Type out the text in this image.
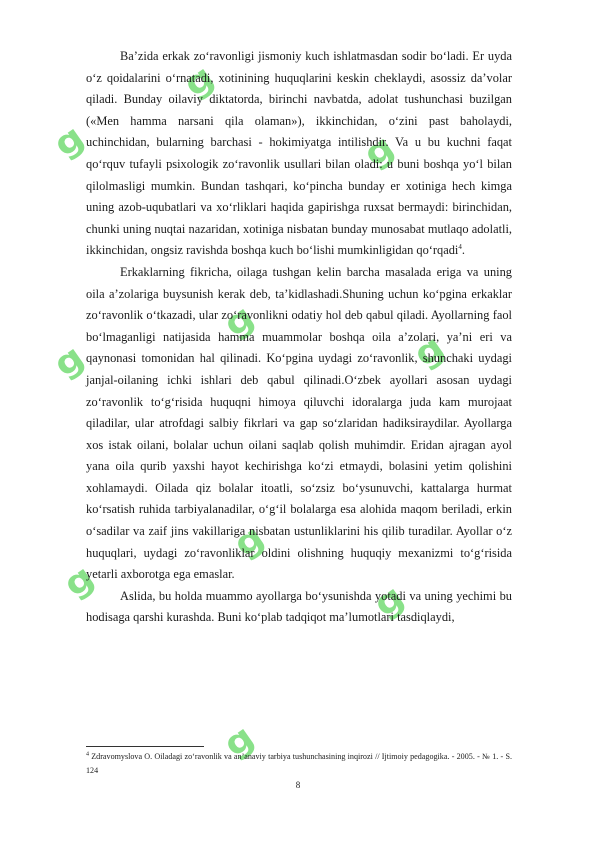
ᵍ
ᵍ
ᵍ
ᵍ
ᵍ ᵍ
ᵍ
ᵍ
ᵍ
ᵍ

Ba’zida erkak zo‘ravonligi jismoniy kuch ishlatmasdan sodir bo‘ladi. Er uyda o‘z qoidalarini o‘rnatadi, xotinining huquqlarini keskin cheklaydi, asossiz da’volar qiladi. Bunday oilaviy diktatorda, birinchi navbatda, adolat tushunchasi buzilgan («Men hamma narsani qila olaman»), ikkinchidan, o‘zini past baholaydi, uchinchidan, bularning barchasi - hokimiyatga intilishdir. Va u bu kuchni faqat qo‘rquv tufayli psixologik zo‘ravonlik usullari bilan oladi: u buni boshqa yo‘l bilan qilolmasligi mumkin. Bundan tashqari, ko‘pincha bunday er xotiniga hech kimga uning azob-uqubatlari va xo‘rliklari haqida gapirishga ruxsat bermaydi: birinchidan, chunki uning nuqtai nazaridan, xotiniga nisbatan bunday munosabat mutlaqo adolatli, ikkinchidan, ongsiz ravishda boshqa kuch bo‘lishi mumkinligidan qo‘rqadi$^4$.

Erkaklarning fikricha, oilaga tushgan kelin barcha masalada eriga va uning oila a’zolariga buysunish kerak deb, ta’kidlashadi.Shuning uchun ko‘pgina erkaklar zo‘ravonlik o‘tkazadi, ular zo‘ravonlikni odatiy hol deb qabul qiladi. Ayollarning faol bo‘lmaganligi natijasida hamma muammolar boshqa oila a’zolari, ya’ni eri va qaynonasi tomonidan hal qilinadi. Ko‘pgina uydagi zo‘ravonlik, shunchaki uydagi janjal-oilaning ichki ishlari deb qabul qilinadi.O‘zbek ayollari asosan uydagi zo‘ravonlik to‘g‘risida huquqni himoya qiluvchi idoralarga juda kam murojaat qiladilar, ular atrofdagi salbiy fikrlari va gap so‘zlaridan hadiksiraydilar. Ayollarga xos istak oilani, bolalar uchun oilani saqlab qolish muhimdir. Eridan ajragan ayol yana oila qurib yaxshi hayot kechirishga ko‘zi etmaydi, bolasini yetim qolishini xohlamaydi. Oilada qiz bolalar itoatli, so‘zsiz bo‘ysunuvchi, kattalarga hurmat ko‘rsatish ruhida tarbiyalanadilar, o‘g‘il bolalarga esa alohida maqom beriladi, erkin o‘sadilar va zaif jins vakillariga nisbatan ustunliklarini his qilib turadilar. Ayollar o‘z huquqlari, uydagi zo‘ravonliklar oldini olishning huquqiy mexanizmi to‘g‘risida yetarli axborotga ega emaslar.

Aslida, bu holda muammo ayollarga bo‘ysunishda yotadi va uning yechimi bu hodisaga qarshi kurashda. Buni ko‘plab tadqiqot ma’lumotlari tasdiqlaydi,

$^4$ Zdravomyslova O. Oiladagi zo‘ravonlik va an’anaviy tarbiya tushunchasining inqirozi // Ijtimoiy pedagogika. - 2005. - № 1. - S. 124
8
